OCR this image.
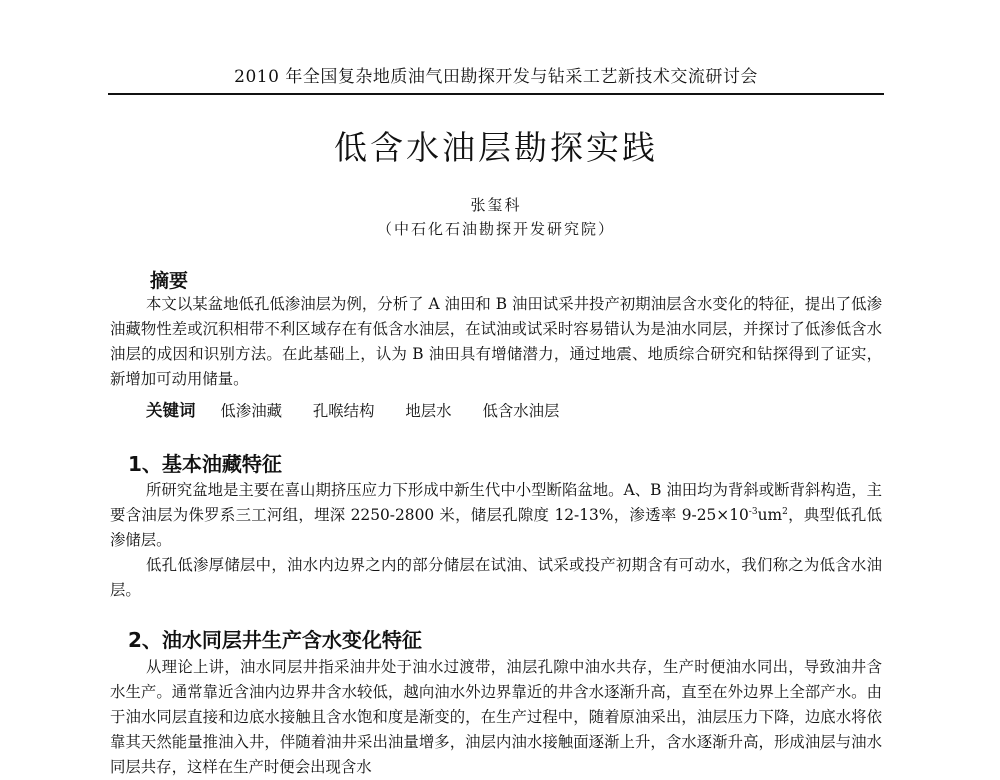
2010 年全国复杂地质油气田勘探开发与钻采工艺新技术交流研讨会
低含水油层勘探实践
张玺科
（中石化石油勘探开发研究院）
摘要
本文以某盆地低孔低渗油层为例，分析了 A 油田和 B 油田试采井投产初期油层含水变化的特征，提出了低渗油藏物性差或沉积相带不利区域存在有低含水油层，在试油或试采时容易错认为是油水同层，并探讨了低渗低含水油层的成因和识别方法。在此基础上，认为 B 油田具有增储潜力，通过地震、地质综合研究和钻探得到了证实，新增加可动用储量。
关键词 低渗油藏 孔喉结构 地层水 低含水油层
1、基本油藏特征
所研究盆地是主要在喜山期挤压应力下形成中新生代中小型断陷盆地。A、B 油田均为背斜或断背斜构造，主要含油层为侏罗系三工河组，埋深 2250-2800 米，储层孔隙度 12-13%，渗透率 $9-25\times 10^{-3}um^2$，典型低孔低渗储层。
低孔低渗厚储层中，油水内边界之内的部分储层在试油、试采或投产初期含有可动水，我们称之为低含水油层。
2、油水同层井生产含水变化特征
从理论上讲，油水同层井指采油井处于油水过渡带，油层孔隙中油水共存，生产时便油水同出，导致油井含水生产。通常靠近含油内边界井含水较低，越向油水外边界靠近的井含水逐渐升高，直至在外边界上全部产水。由于油水同层直接和边底水接触且含水饱和度是渐变的，在生产过程中，随着原油采出，油层压力下降，边底水将依靠其天然能量推油入井，伴随着油井采出油量增多，油层内油水接触面逐渐上升，含水逐渐升高，形成油层与油水同层共存，这样在生产时便会出现含水
